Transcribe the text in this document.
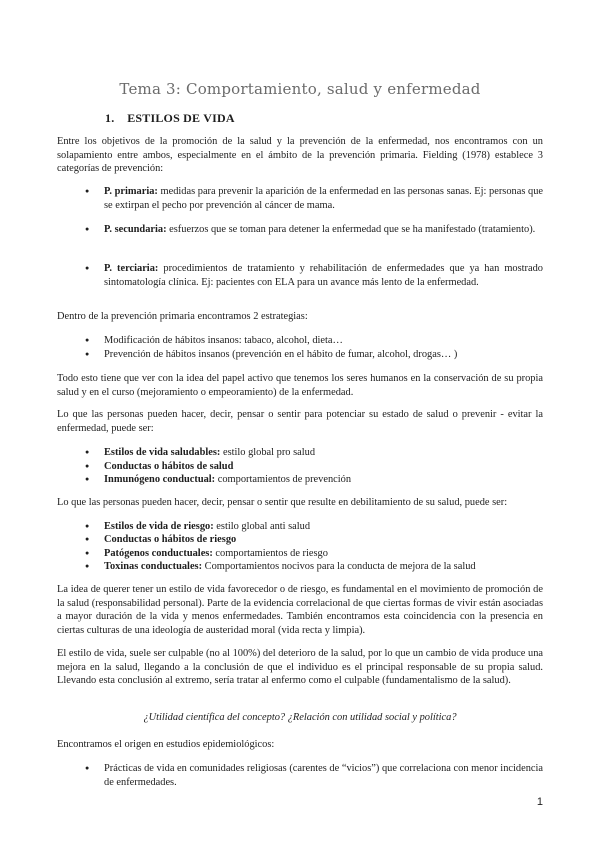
Tema 3: Comportamiento, salud y enfermedad
1.    ESTILOS DE VIDA

Entre los objetivos de la promoción de la salud y la prevención de la enfermedad, nos encontramos con un solapamiento entre ambos, especialmente en el ámbito de la prevención primaria. Fielding (1978) establece 3 categorías de prevención:

● P. primaria: medidas para prevenir la aparición de la enfermedad en las personas sanas. Ej: personas que se extirpan el pecho por prevención al cáncer de mama.

● P. secundaria: esfuerzos que se toman para detener la enfermedad que se ha manifestado (tratamiento).

● P. terciaria: procedimientos de tratamiento y rehabilitación de enfermedades que ya han mostrado sintomatología clínica. Ej: pacientes con ELA para un avance más lento de la enfermedad.

Dentro de la prevención primaria encontramos 2 estrategias:

● Modificación de hábitos insanos: tabaco, alcohol, dieta…

● Prevención de hábitos insanos (prevención en el hábito de fumar, alcohol, drogas… )

Todo esto tiene que ver con la idea del papel activo que tenemos los seres humanos en la conservación de su propia salud y en el curso (mejoramiento o empeoramiento) de la enfermedad.

Lo que las personas pueden hacer, decir, pensar o sentir para potenciar su estado de salud o prevenir - evitar la enfermedad, puede ser:

● Estilos de vida saludables: estilo global pro salud

● Conductas o hábitos de salud

● Inmunógeno conductual: comportamientos de prevención

Lo que las personas pueden hacer, decir, pensar o sentir que resulte en debilitamiento de su salud, puede ser:

● Estilos de vida de riesgo: estilo global anti salud

● Conductas o hábitos de riesgo

● Patógenos conductuales: comportamientos de riesgo

● Toxinas conductuales: Comportamientos nocivos para la conducta de mejora de la salud

La idea de querer tener un estilo de vida favorecedor o de riesgo, es fundamental en el movimiento de promoción de la salud (responsabilidad personal). Parte de la evidencia correlacional de que ciertas formas de vivir están asociadas a mayor duración de la vida y menos enfermedades. También encontramos esta coincidencia con la presencia en ciertas culturas de una ideología de austeridad moral (vida recta y limpia).

El estilo de vida, suele ser culpable (no al 100%) del deterioro de la salud, por lo que un cambio de vida produce una mejora en la salud, llegando a la conclusión de que el individuo es el principal responsable de su propia salud. Llevando esta conclusión al extremo, sería tratar al enfermo como el culpable (fundamentalismo de la salud).

¿Utilidad científica del concepto? ¿Relación con utilidad social y política?

Encontramos el origen en estudios epidemiológicos:

● Prácticas de vida en comunidades religiosas (carentes de “vicios”) que correlaciona con menor incidencia de enfermedades.

1
